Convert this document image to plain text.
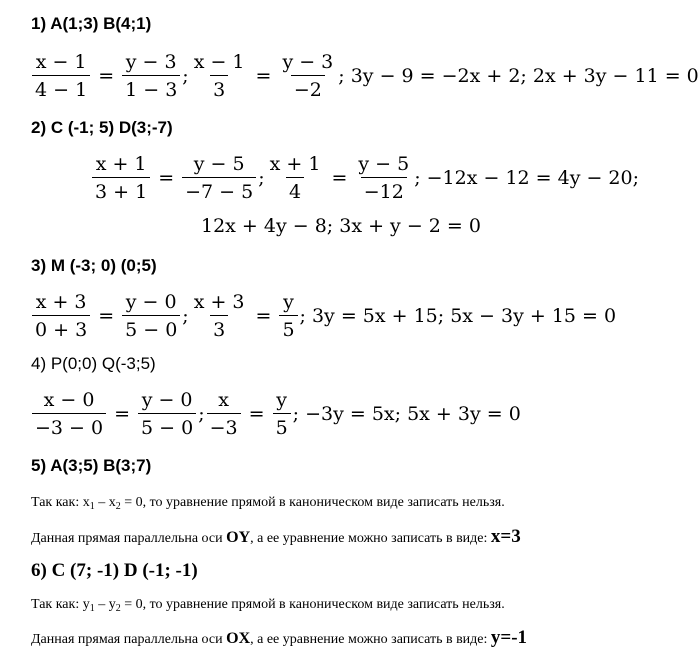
1) A(1;3) B(4;1)
$\frac{x - 1}{4 - 1} = \frac{y - 3}{1 - 3}$ ; $\frac{x - 1}{3} = \frac{y - 3}{-2}$ ; 3y − 9 = −2x + 2; 2x + 3y − 11 = 0
2) C (-1; 5) D(3;-7)
$\frac{x + 1}{3 + 1} = \frac{y - 5}{-7 - 5}$ ; $\frac{x + 1}{4} = \frac{y - 5}{-12}$ ; −12x − 12 = 4y − 20;
12x + 4y − 8; 3x + y − 2 = 0
3) M (-3; 0) (0;5)
$\frac{x + 3}{0 + 3} = \frac{y - 0}{5 - 0}$ ; $\frac{x + 3}{3} = \frac{y}{5}$ ; 3y = 5x + 15; 5x − 3y + 15 = 0
4) P(0;0) Q(-3;5)
$\frac{x - 0}{-3 - 0} = \frac{y - 0}{5 - 0}$ ; $\frac{x}{-3} = \frac{y}{5}$ ; −3y = 5x; 5x + 3y = 0
5) A(3;5) B(3;7)
Так как: $x_1 - x_2 = 0$, то уравнение прямой в каноническом виде записать нельзя.
Данная прямая параллельна оси OY, а ее уравнение можно записать в виде: x=3
6) C (7; -1) D (-1; -1)
Так как: $y_1 - y_2 = 0$, то уравнение прямой в каноническом виде записать нельзя.
Данная прямая параллельна оси OX, а ее уравнение можно записать в виде: y=-1
